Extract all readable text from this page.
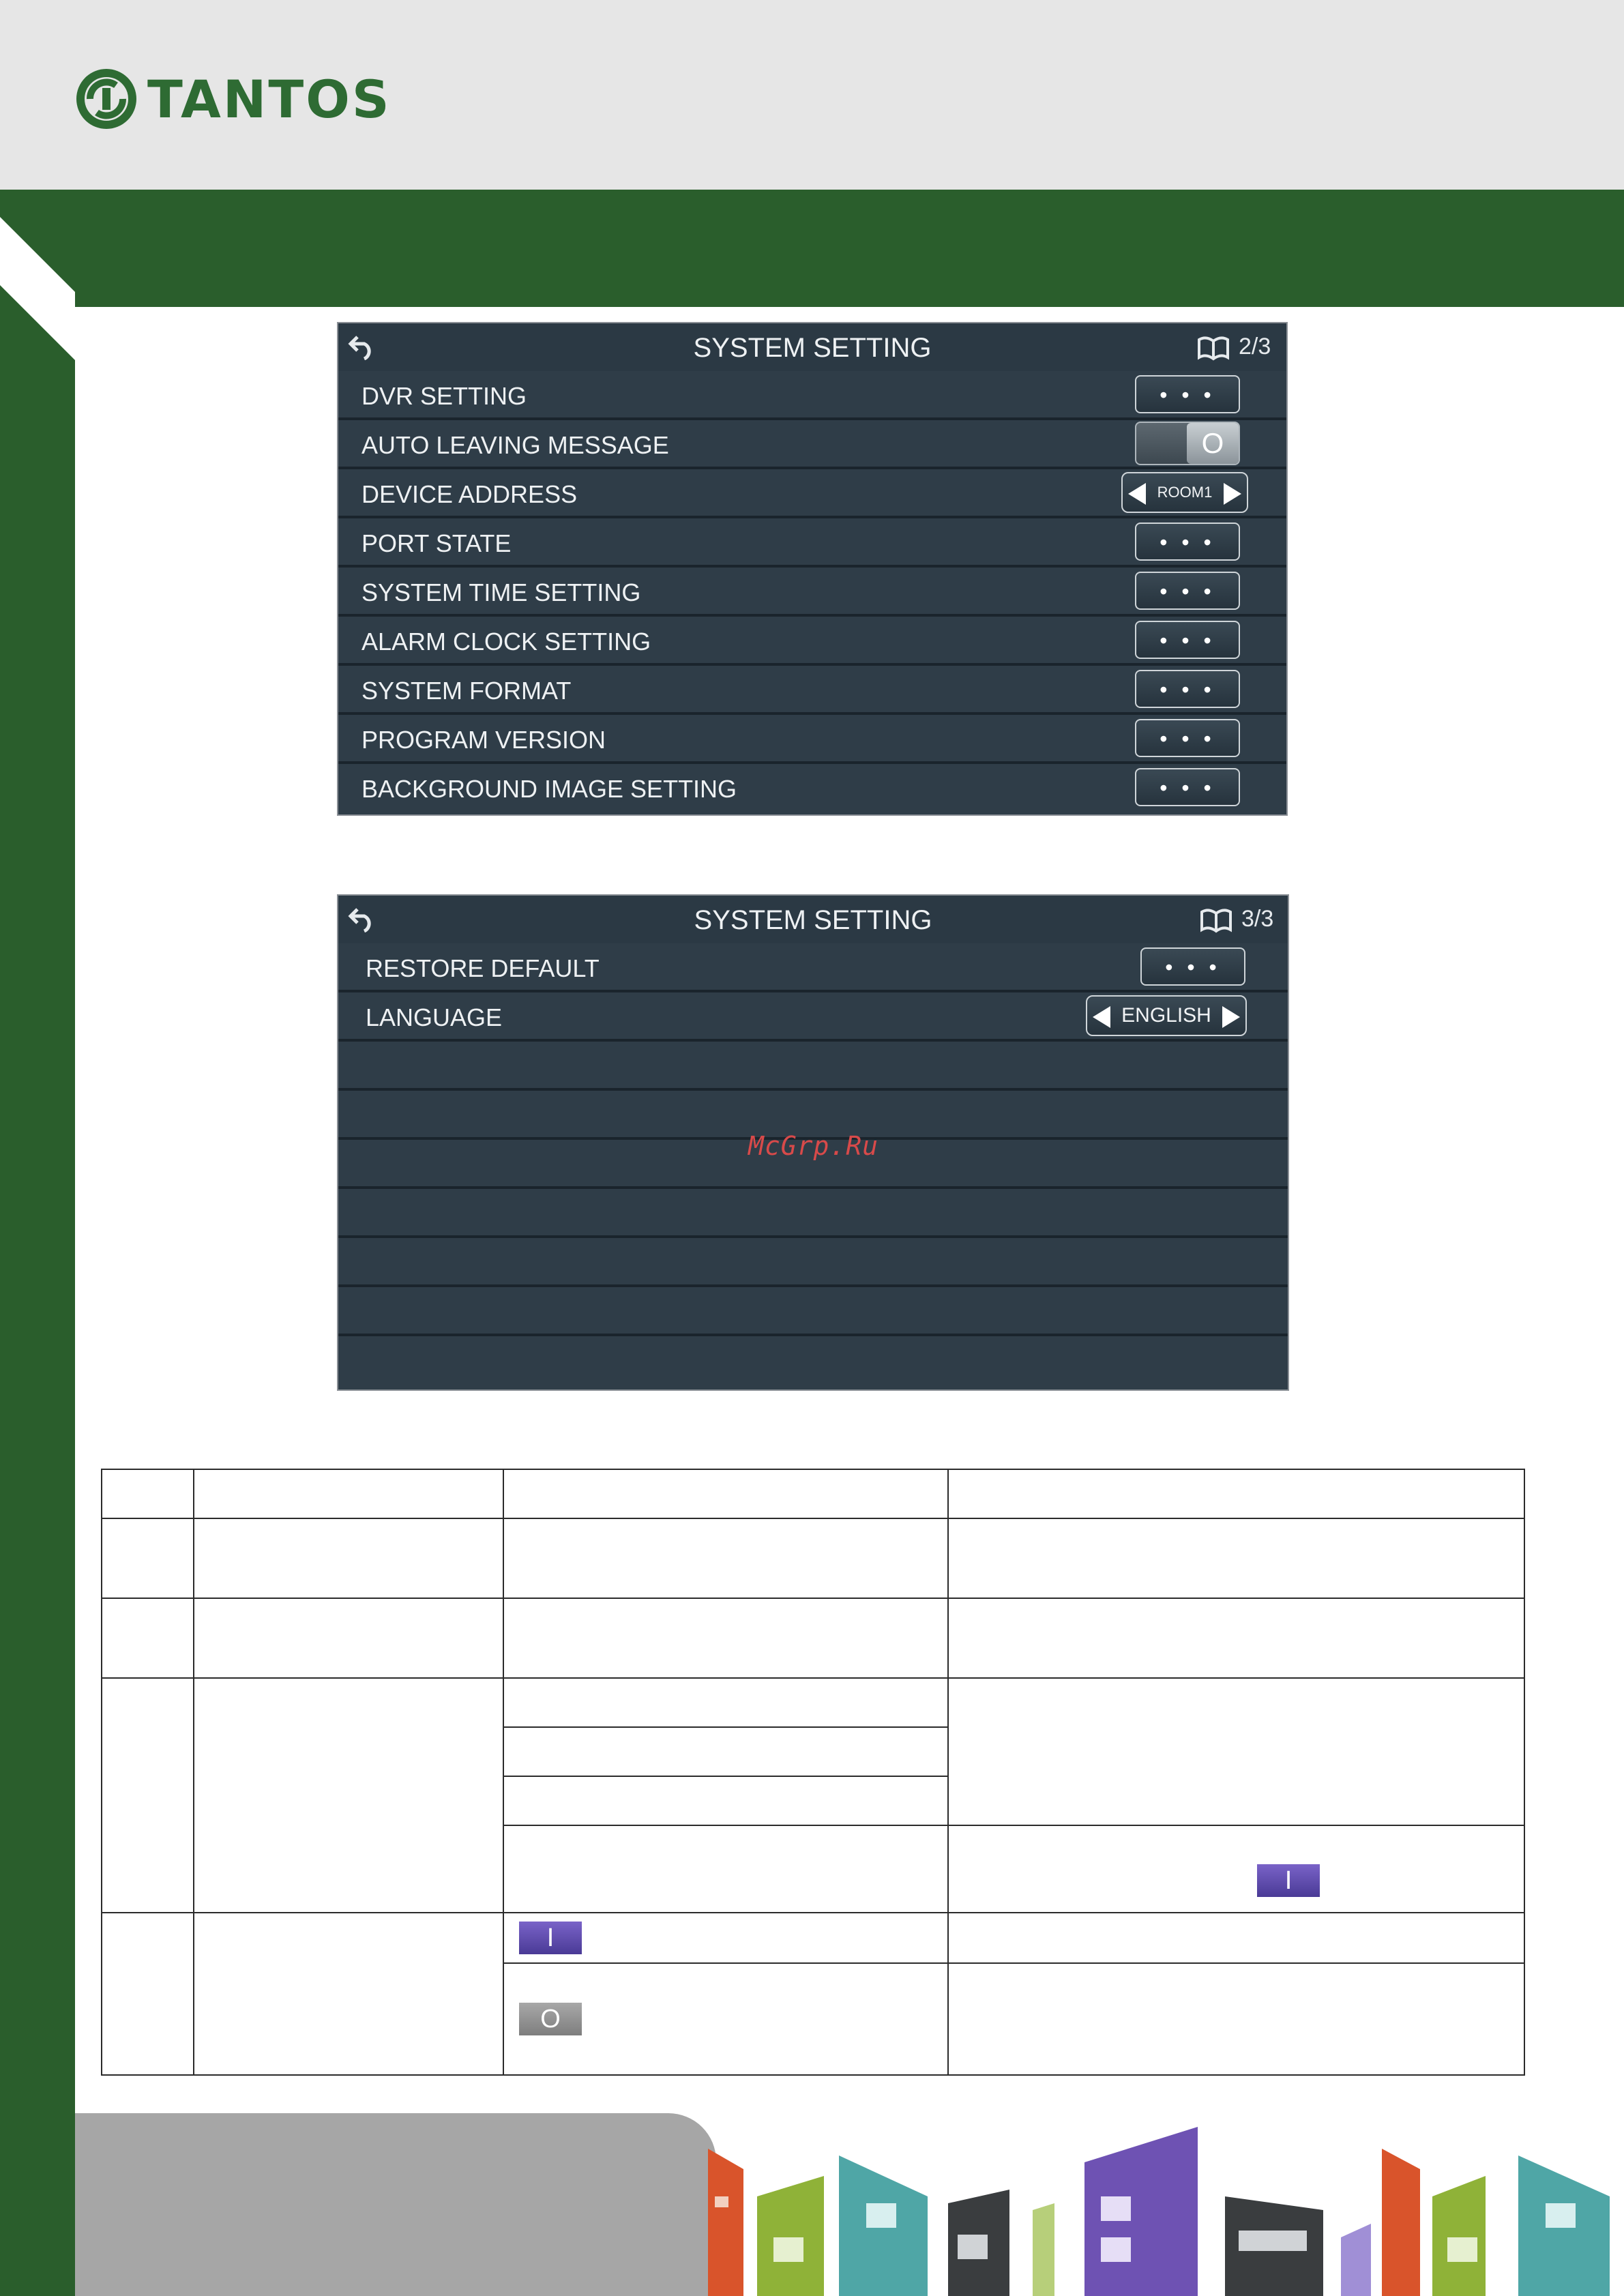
TANTOS
SYSTEM SETTING	2/3
DVR SETTING	• • •
AUTO LEAVING MESSAGE	O
DEVICE ADDRESS	ROOM1
PORT STATE	• • •
SYSTEM TIME SETTING	• • •
ALARM CLOCK SETTING	• • •
SYSTEM FORMAT	• • •
PROGRAM VERSION	• • •
BACKGROUND IMAGE SETTING	• • •
SYSTEM SETTING	3/3
RESTORE DEFAULT	• • •
LANGUAGE	ENGLISH
McGrp.Ru

			I

		I	

		O	
